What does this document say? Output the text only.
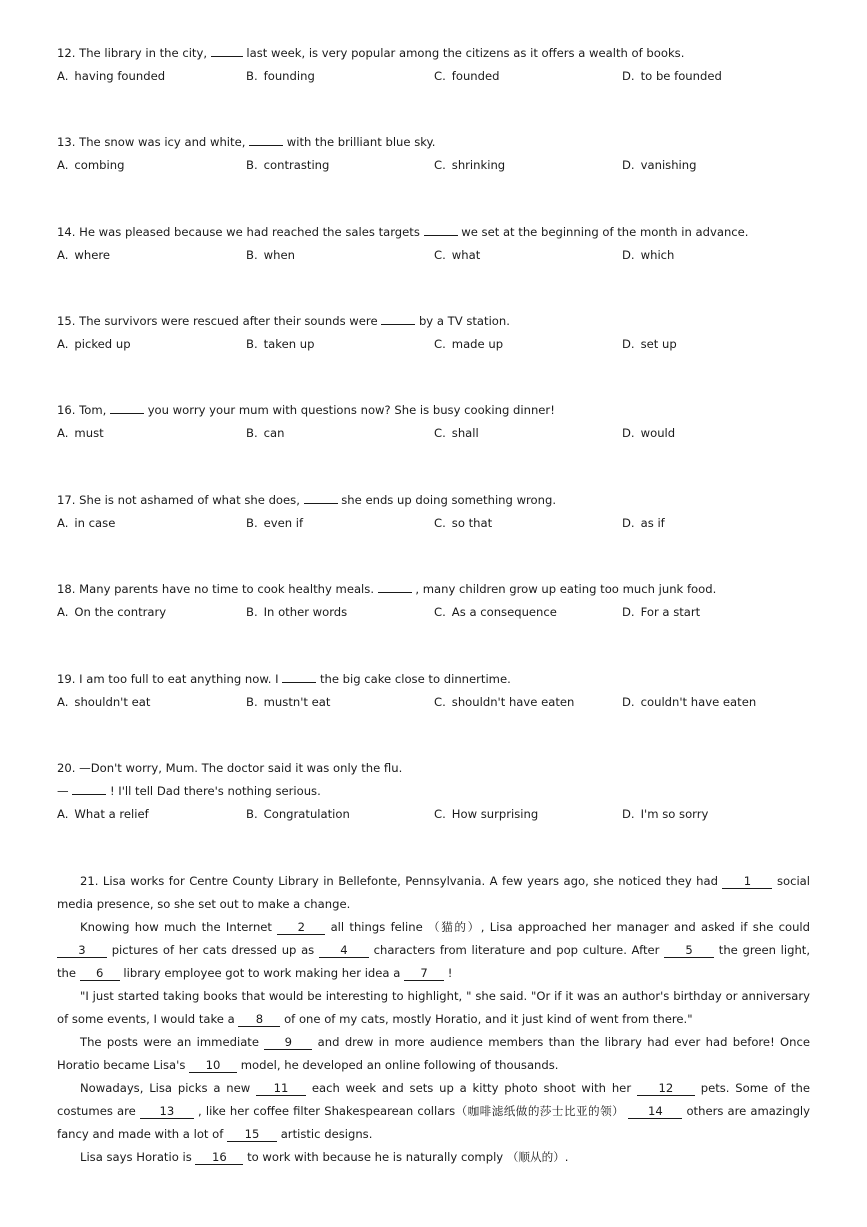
12. The library in the city,	last week, is very popular among the citizens as it offers a wealth of books.
A. having founded	B. founding	C. founded	D. to be founded
13. The snow was icy and white,	with the brilliant blue sky.
A. combing	B. contrasting	C. shrinking	D. vanishing
14. He was pleased because we had reached the sales targets	we set at the beginning of the month in advance.
A. where	B. when	C. what	D. which
15. The survivors were rescued after their sounds were	by a TV station.
A. picked up	B. taken up	C. made up	D. set up
16. Tom,	you worry your mum with questions now? She is busy cooking dinner!
A. must	B. can	C. shall	D. would
17. She is not ashamed of what she does,	she ends up doing something wrong.
A. in case	B. even if	C. so that	D. as if
18. Many parents have no time to cook healthy meals.	, many children grow up eating too much junk food.
A. On the contrary	B. In other words	C. As a consequence	D. For a start
19. I am too full to eat anything now. I	the big cake close to dinnertime.
A. shouldn't eat	B. mustn't eat	C. shouldn't have eaten	D. couldn't have eaten
20. —Don't worry, Mum. The doctor said it was only the flu.
—	! I'll tell Dad there's nothing serious.
A. What a relief	B. Congratulation	C. How surprising	D. I'm so sorry

21. Lisa works for Centre County Library in Bellefonte, Pennsylvania. A few years ago, she noticed they had 1 social media presence, so she set out to make a change.

Knowing how much the Internet 2 all things feline （猫的）, Lisa approached her manager and asked if she could 3 pictures of her cats dressed up as 4 characters from literature and pop culture. After 5 the green light, the 6 library employee got to work making her idea a 7 !

"I just started taking books that would be interesting to highlight, " she said. "Or if it was an author's birthday or anniversary of some events, I would take a 8 of one of my cats, mostly Horatio, and it just kind of went from there."

The posts were an immediate 9 and drew in more audience members than the library had ever had before! Once Horatio became Lisa's 10 model, he developed an online following of thousands.

Nowadays, Lisa picks a new 11 each week and sets up a kitty photo shoot with her 12 pets. Some of the costumes are 13 , like her coffee filter Shakespearean collars（咖啡滤纸做的莎士比亚的领） 14 others are amazingly fancy and made with a lot of 15 artistic designs.

Lisa says Horatio is 16 to work with because he is naturally comply （顺从的）.
